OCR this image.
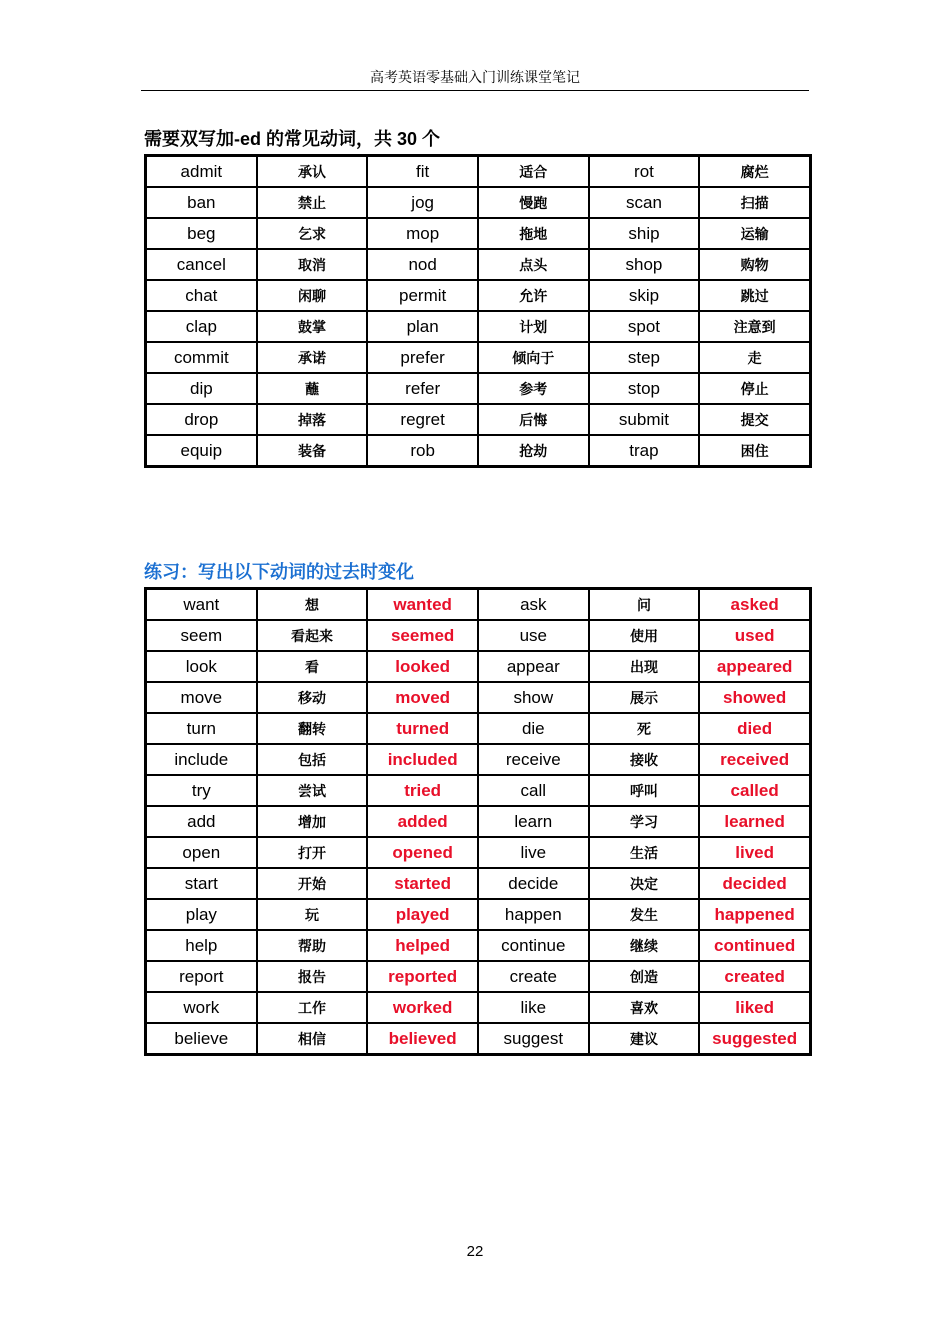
高考英语零基础入门训练课堂笔记
需要双写加-ed 的常见动词，共 30 个
admit	承认	fit	适合	rot	腐烂
ban	禁止	jog	慢跑	scan	扫描
beg	乞求	mop	拖地	ship	运输
cancel	取消	nod	点头	shop	购物
chat	闲聊	permit	允许	skip	跳过
clap	鼓掌	plan	计划	spot	注意到
commit	承诺	prefer	倾向于	step	走
dip	蘸	refer	参考	stop	停止
drop	掉落	regret	后悔	submit	提交
equip	装备	rob	抢劫	trap	困住
练习：写出以下动词的过去时变化
want	想	wanted	ask	问	asked
seem	看起来	seemed	use	使用	used
look	看	looked	appear	出现	appeared
move	移动	moved	show	展示	showed
turn	翻转	turned	die	死	died
include	包括	included	receive	接收	received
try	尝试	tried	call	呼叫	called
add	增加	added	learn	学习	learned
open	打开	opened	live	生活	lived
start	开始	started	decide	决定	decided
play	玩	played	happen	发生	happened
help	帮助	helped	continue	继续	continued
report	报告	reported	create	创造	created
work	工作	worked	like	喜欢	liked
believe	相信	believed	suggest	建议	suggested
22
